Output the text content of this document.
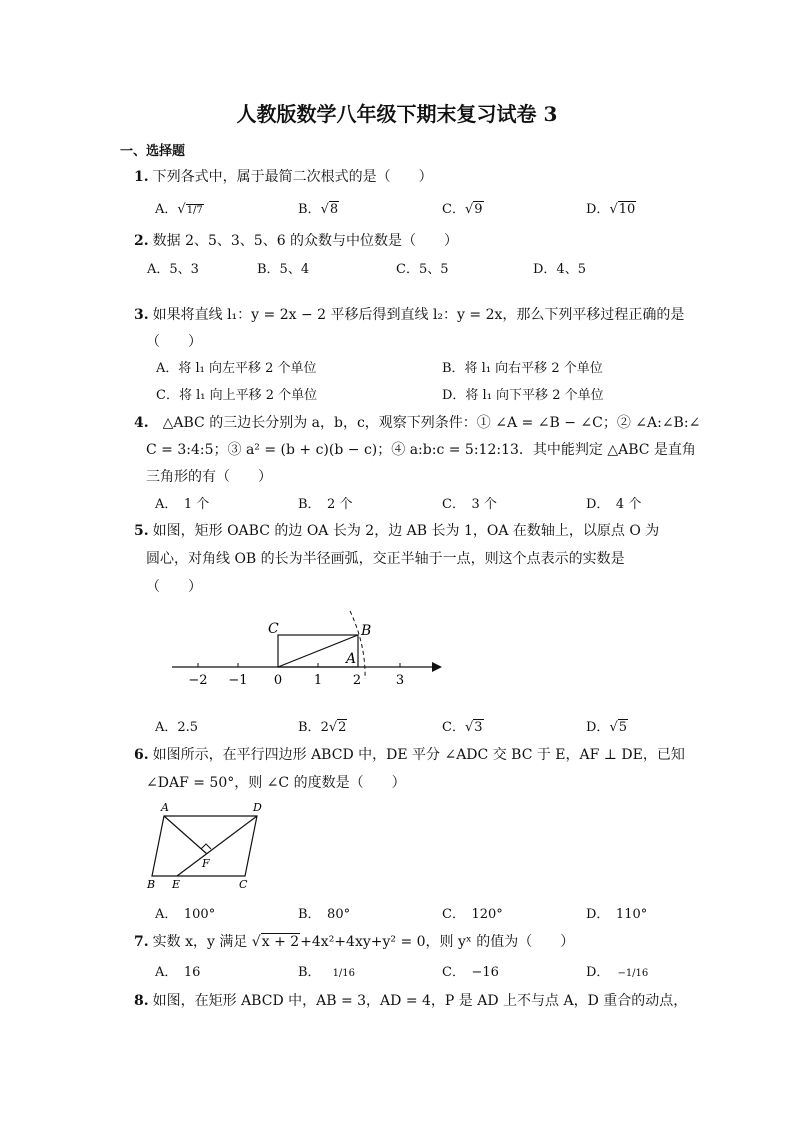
人教版数学八年级下期末复习试卷 3
一、选择题
1. 下列各式中，属于最简二次根式的是（　　）
A．√1/7	B．√8	C．√9	D．√10
2. 数据 2、5、3、5、6 的众数与中位数是（　　）
A．5、3	B．5、4	C．5、5	D．4、5
3. 如果将直线 l₁：y = 2x − 2 平移后得到直线 l₂：y = 2x，那么下列平移过程正确的是
（　　）
A．将 l₁ 向左平移 2 个单位	B．将 l₁ 向右平移 2 个单位
C．将 l₁ 向上平移 2 个单位	D．将 l₁ 向下平移 2 个单位
4. △ABC 的三边长分别为 a，b，c，观察下列条件：① ∠A = ∠B − ∠C；② ∠A:∠B:∠
C = 3:4:5；③ a² = (b + c)(b − c)；④ a:b:c = 5:12:13．其中能判定 △ABC 是直角
三角形的有（　　）
A．　1 个	B．　2 个	C．　3 个	D．　4 个
5. 如图，矩形 OABC 的边 OA 长为 2，边 AB 长为 1，OA 在数轴上，以原点 O 为
圆心，对角线 OB 的长为半径画弧，交正半轴于一点，则这个点表示的实数是
（　　）
−2 −1 0 1 2	3
C	B
A
A．2.5	B．2√2	C．√3	D．√5
6. 如图所示，在平行四边形 ABCD 中，DE 平分 ∠ADC 交 BC 于 E，AF ⊥ DE，已知
∠DAF = 50°，则 ∠C 的度数是（　　）
A	D
F
B E	C
A．　100°	B．　80°	C．　120°	D．　110°
7. 实数 x，y 满足 √x + 2+4x²+4xy+y² = 0，则 yˣ 的值为（　　）
A．　16	B． 1/16	C．　−16	D． −1/16
8. 如图，在矩形 ABCD 中，AB = 3，AD = 4，P 是 AD 上不与点 A，D 重合的动点，
